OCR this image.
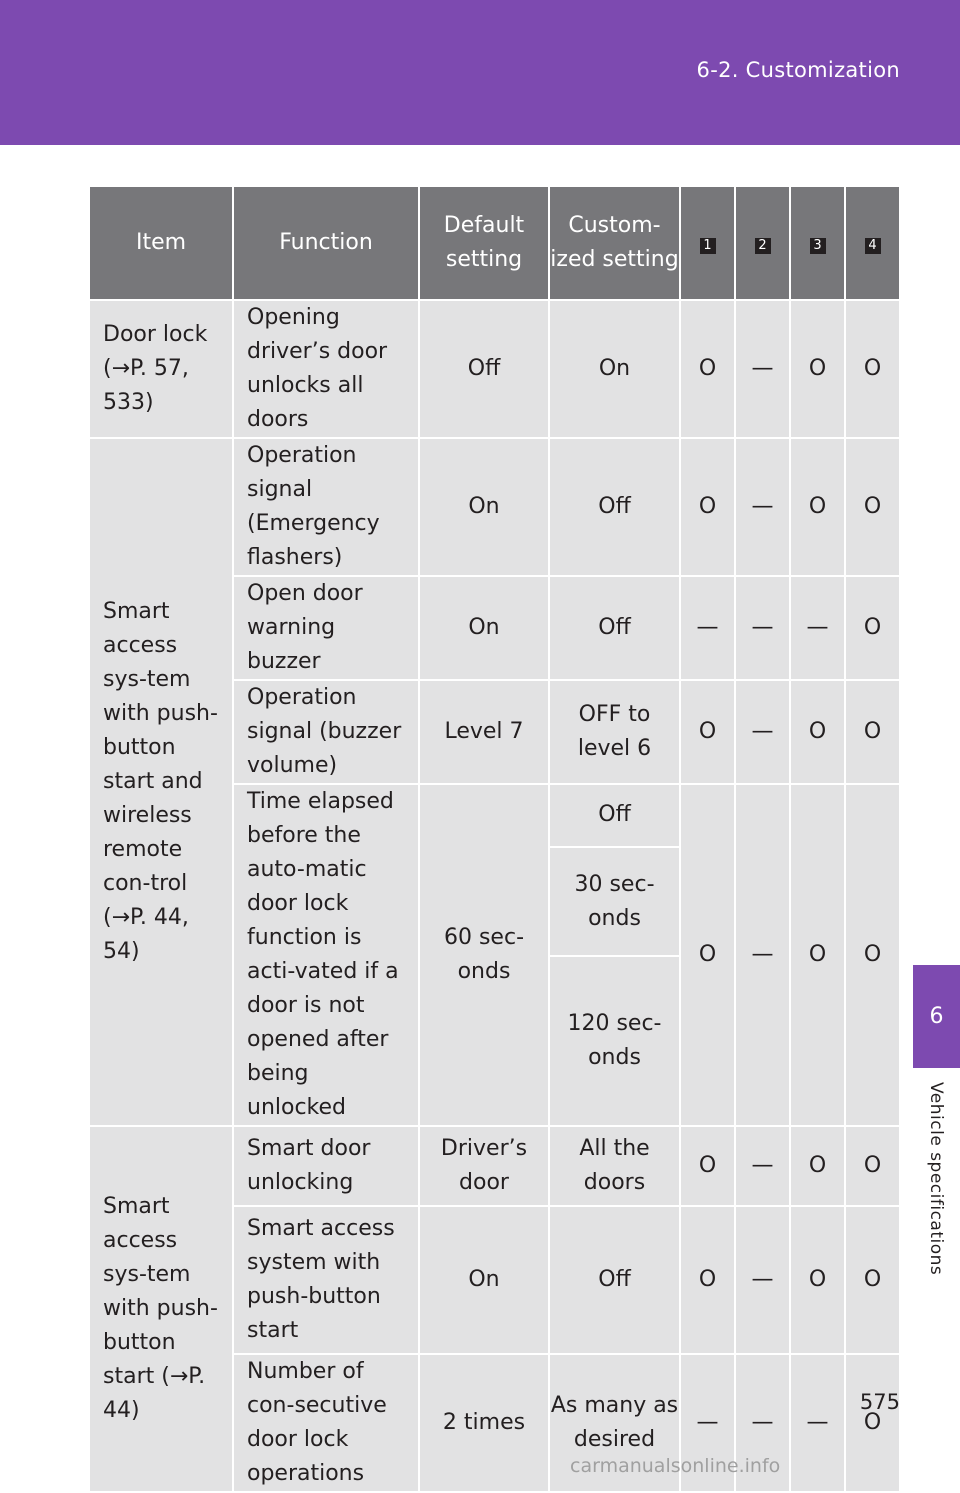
6-2. Customization
6
Vehicle specifications
Item	Function	Default setting	Custom-ized setting	1	2	3	4
Door lock (→P. 57, 533)	Opening driver’s door unlocks all doors	Off	On	O	—	O	O
Smart access sys-tem with push-button start and wireless remote con-trol (→P. 44, 54)	Operation signal (Emergency flashers)	On	Off	O	—	O	O
	Open door warning buzzer	On	Off	—	—	—	O
	Operation signal (buzzer volume)	Level 7	OFF to level 6	O	—	O	O
	Time elapsed before the auto-matic door lock function is acti-vated if a door is not opened after being unlocked	60 sec-onds	Off	O	—	O	O
			30 sec-onds				
			120 sec-onds				
Smart access sys-tem with push-button start (→P. 44)	Smart door unlocking	Driver’s door	All the doors	O	—	O	O
	Smart access system with push-button start	On	Off	O	—	O	O
	Number of con-secutive door lock operations	2 times	As many as desired	—	—	—	O
575
carmanualsonline.info
